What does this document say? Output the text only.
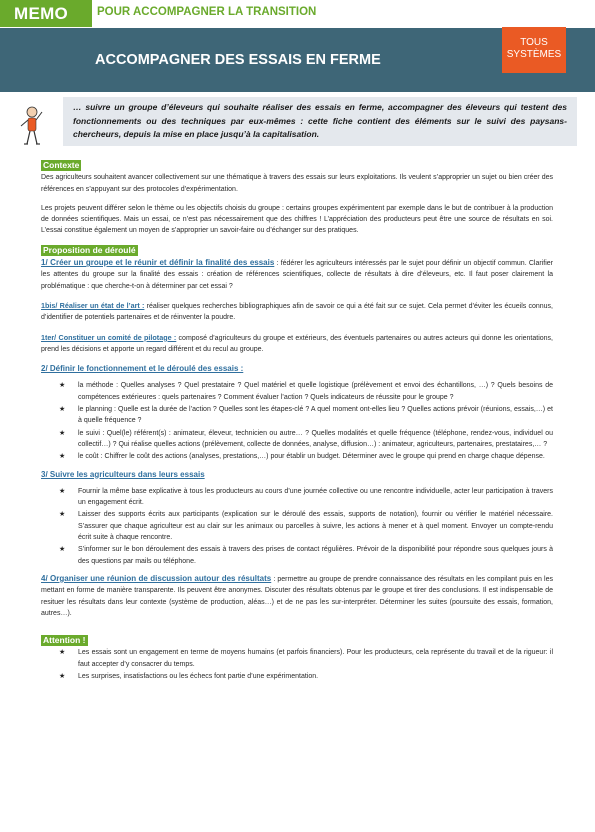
MEMO	POUR ACCOMPAGNER LA TRANSITION
ACCOMPAGNER DES ESSAIS EN FERME
TOUS
SYSTÈMES
… suivre un groupe d’éleveurs qui souhaite réaliser des essais en ferme, accompagner des éleveurs qui testent des fonctionnements ou des techniques par eux-mêmes : cette fiche contient des éléments sur le suivi des paysans-chercheurs, depuis la mise en place jusqu’à la capitalisation.
Contexte
Des agriculteurs souhaitent avancer collectivement sur une thématique à travers des essais sur leurs exploitations. Ils veulent s’approprier un sujet ou bien créer des références en s’appuyant sur des protocoles d’expérimentation.
Les projets peuvent différer selon le thème ou les objectifs choisis du groupe : certains groupes expérimentent par exemple dans le but de contribuer à la production de données scientifiques. Mais un essai, ce n’est pas nécessairement que des chiffres ! L’appréciation des producteurs peut être une source de résultats en soi. L’essai constitue également un moyen de s’approprier un savoir-faire ou d’échanger sur des pratiques.
Proposition de déroulé
1/ Créer un groupe et le réunir et définir la finalité des essais : fédérer les agriculteurs intéressés par le sujet pour définir un objectif commun. Clarifier les attentes du groupe sur la finalité des essais : création de références scientifiques, collecte de résultats à dire d’éleveurs, etc. Il faut poser clairement la problématique : que cherche-t-on à déterminer par cet essai ?
1bis/ Réaliser un état de l’art : réaliser quelques recherches bibliographiques afin de savoir ce qui a été fait sur ce sujet. Cela permet d’éviter les écueils connus, d’identifier de potentiels partenaires et de réinventer la poudre.
1ter/ Constituer un comité de pilotage : composé d’agriculteurs du groupe et extérieurs, des éventuels partenaires ou autres acteurs qui donne les orientations, prend les décisions et apporte un regard différent et du recul au groupe.
2/ Définir le fonctionnement et le déroulé des essais :
★ la méthode : Quelles analyses ? Quel prestataire ? Quel matériel et quelle logistique (prélèvement et envoi des échantillons, …) ? Quels besoins de compétences extérieures : quels partenaires ? Comment évaluer l’action ? Quels indicateurs de réussite pour le groupe ?
★ le planning : Quelle est la durée de l’action ? Quelles sont les étapes-clé ? A quel moment ont-elles lieu ? Quelles actions prévoir (réunions, essais,…) et à quelle fréquence ?
★ le suivi : Quel(le) référent(s) : animateur, éleveur, technicien ou autre… ? Quelles modalités et quelle fréquence (téléphone, rendez-vous, individuel ou collectif…) ? Qui réalise quelles actions (prélèvement, collecte de données, analyse, diffusion…) : animateur, agriculteurs, partenaires, prestataires,… ?
★ le coût : Chiffrer le coût des actions (analyses, prestations,…) pour établir un budget. Déterminer avec le groupe qui prend en charge chaque dépense.
3/ Suivre les agriculteurs dans leurs essais
★ Fournir la même base explicative à tous les producteurs au cours d’une journée collective ou une rencontre individuelle, acter leur participation à travers un engagement écrit.
★ Laisser des supports écrits aux participants (explication sur le déroulé des essais, supports de notation), fournir ou vérifier le matériel nécessaire. S’assurer que chaque agriculteur est au clair sur les animaux ou parcelles à suivre, les actions à mener et à quel moment. Envoyer un compte-rendu écrit suite à chaque rencontre.
★ S’informer sur le bon déroulement des essais à travers des prises de contact régulières. Prévoir de la disponibilité pour répondre sous quelques jours à des questions par mails ou téléphone.
4/ Organiser une réunion de discussion autour des résultats : permettre au groupe de prendre connaissance des résultats en les compilant puis en les mettant en forme de manière transparente. Ils peuvent être anonymes. Discuter des résultats obtenus par le groupe et tirer des conclusions. Il est indispensable de resituer les résultats dans leur contexte (système de production, aléas…) et de ne pas les sur-interpréter. Déterminer les suites (poursuite des essais, formation, autres…).
Attention !
★ Les essais sont un engagement en terme de moyens humains (et parfois financiers). Pour les producteurs, cela représente du travail et de la rigueur: il faut accepter d’y consacrer du temps.
★ Les surprises, insatisfactions ou les échecs font partie d’une expérimentation.
